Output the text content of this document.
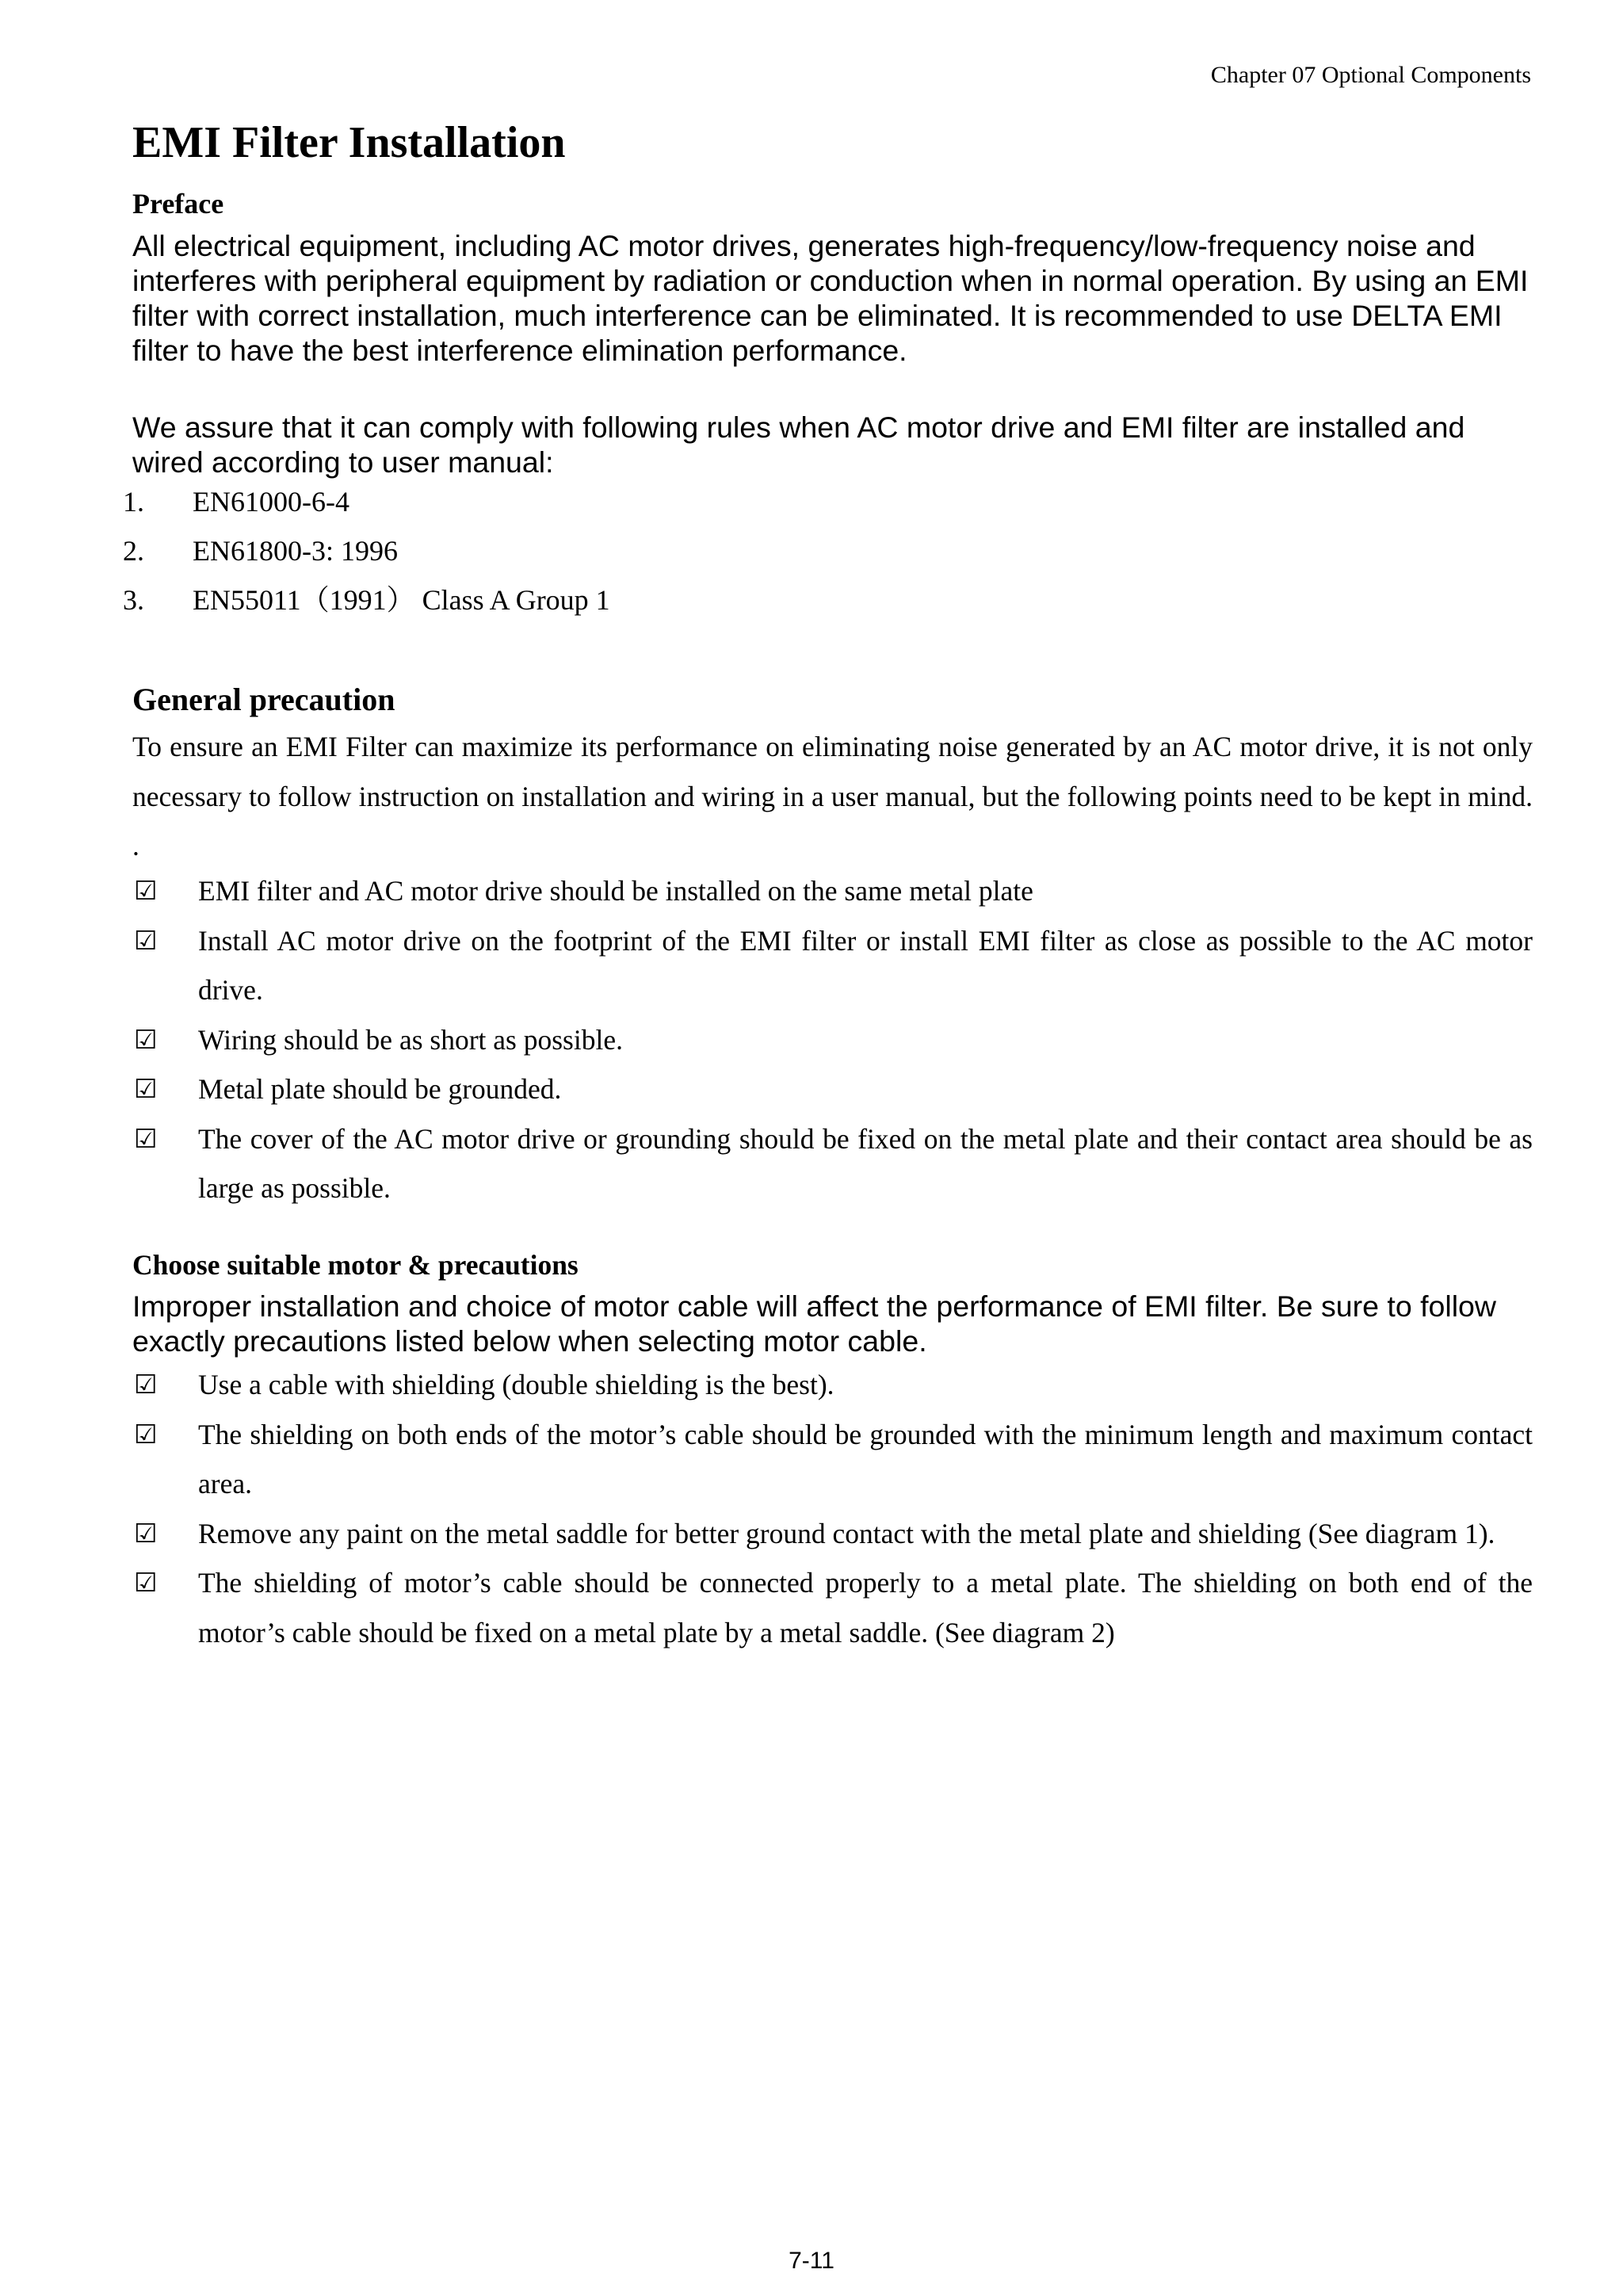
Chapter 07 Optional Components
EMI Filter Installation
Preface

All electrical equipment, including AC motor drives, generates high-frequency/low-frequency noise and interferes with peripheral equipment by radiation or conduction when in normal operation. By using an EMI filter with correct installation, much interference can be eliminated. It is recommended to use DELTA EMI filter to have the best interference elimination performance.

We assure that it can comply with following rules when AC motor drive and EMI filter are installed and wired according to user manual:

1. EN61000-6-4
2. EN61800-3: 1996
3. EN55011（1991） Class A Group 1
General precaution

To ensure an EMI Filter can maximize its performance on eliminating noise generated by an AC motor drive, it is not only necessary to follow instruction on installation and wiring in a user manual, but the following points need to be kept in mind. .

☑ EMI filter and AC motor drive should be installed on the same metal plate
☑ Install AC motor drive on the footprint of the EMI filter or install EMI filter as close as possible to the AC motor drive.
☑ Wiring should be as short as possible.
☑ Metal plate should be grounded.
☑ The cover of the AC motor drive or grounding should be fixed on the metal plate and their contact area should be as large as possible.
Choose suitable motor & precautions

Improper installation and choice of motor cable will affect the performance of EMI filter. Be sure to follow exactly precautions listed below when selecting motor cable.

☑ Use a cable with shielding (double shielding is the best).
☑ The shielding on both ends of the motor’s cable should be grounded with the minimum length and maximum contact area.
☑ Remove any paint on the metal saddle for better ground contact with the metal plate and shielding (See diagram 1).
☑ The shielding of motor’s cable should be connected properly to a metal plate. The shielding on both end of the motor’s cable should be fixed on a metal plate by a metal saddle. (See diagram 2)
7-11
